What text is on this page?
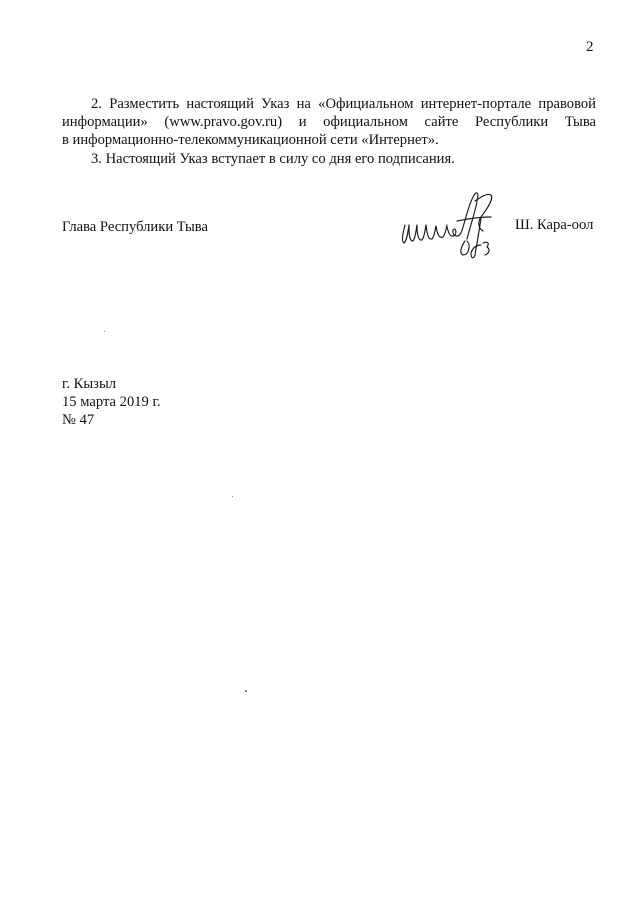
2
2. Разместить настоящий Указ на «Официальном интернет-портале правовой
информации» (www.pravo.gov.ru) и официальном сайте Республики Тыва
в информационно-телекоммуникационной сети «Интернет».
3. Настоящий Указ вступает в силу со дня его подписания.
Глава Республики Тыва	Ш. Кара-оол
г. Кызыл
15 марта 2019 г.
№ 47
